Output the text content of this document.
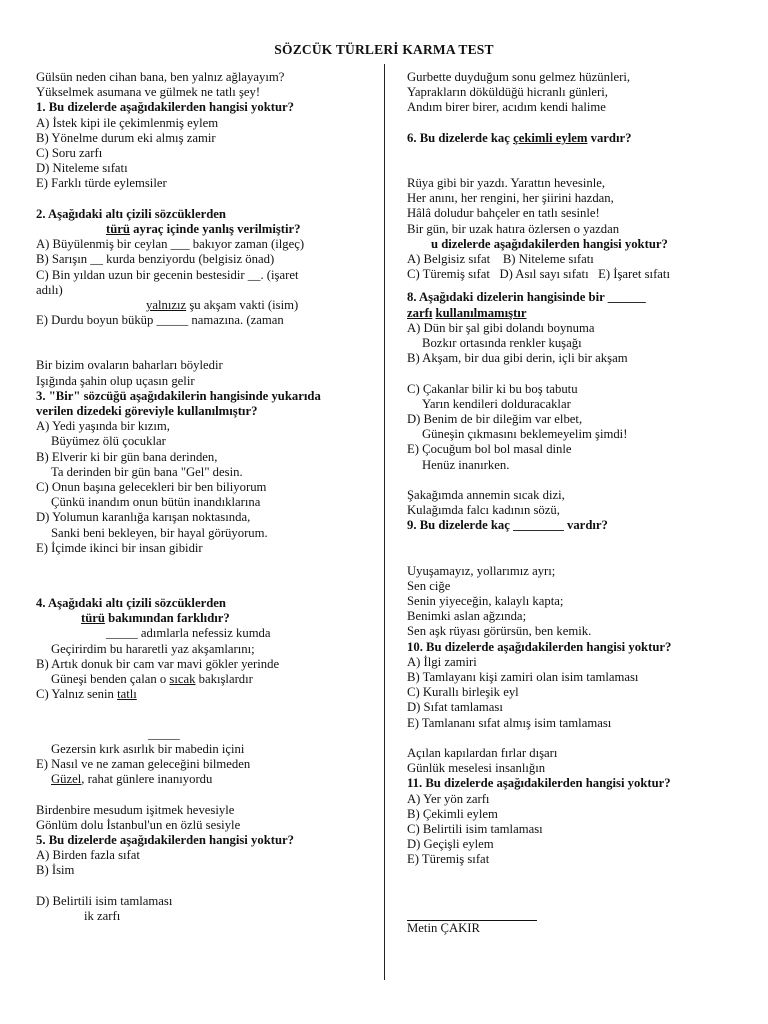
SÖZCÜK TÜRLERİ KARMA TEST
Gülsün neden cihan bana, ben yalnız ağlayayım?
Yükselmek asumana ve gülmek ne tatlı şey!
1. Bu dizelerde aşağıdakilerden hangisi yoktur?
A) İstek kipi ile çekimlenmiş eylem
B) Yönelme durum eki almış zamir
C) Soru zarfı
D) Niteleme sıfatı
E) Farklı türde eylemsiler
2. Aşağıdaki altı çizili sözcüklerden
türü ayraç içinde yanlış verilmiştir?
A) Büyülenmiş bir ceylan ___ bakıyor zaman (ilgeç)
B) Sarışın __ kurda benziyordu (belgisiz önad)
C) Bin yıldan uzun bir gecenin bestesidir __. (işaret
adılı)
yalnızız şu akşam vakti (isim)
E) Durdu boyun büküp _____ namazına. (zaman
Bir bizim ovaların baharları böyledir
Işığında şahin olup uçasın gelir
3. "Bir" sözcüğü aşağıdakilerin hangisinde yukarıda
verilen dizedeki göreviyle kullanılmıştır?
A) Yedi yaşında bir kızım,
Büyümez ölü çocuklar
B) Elverir ki bir gün bana derinden,
Ta derinden bir gün bana "Gel" desin.
C) Onun başına gelecekleri bir ben biliyorum
Çünkü inandım onun bütün inandıklarına
D) Yolumun karanlığa karışan noktasında,
Sanki beni bekleyen, bir hayal görüyorum.
E) İçimde ikinci bir insan gibidir
4. Aşağıdaki altı çizili sözcüklerden
türü bakımından farklıdır?
_____ adımlarla nefessiz kumda
Geçirirdim bu hararetli yaz akşamlarını;
B) Artık donuk bir cam var mavi gökler yerinde
Güneşi benden çalan o sıcak bakışlardır
C) Yalnız senin tatlı
_____
Gezersin kırk asırlık bir mabedin içini
E) Nasıl ve ne zaman geleceğini bilmeden
Güzel, rahat günlere inanıyordu
Birdenbire mesudum işitmek hevesiyle
Gönlüm dolu İstanbul'un en özlü sesiyle
5. Bu dizelerde aşağıdakilerden hangisi yoktur?
A) Birden fazla sıfat
B) İsim
D) Belirtili isim tamlaması
ik zarfı
Gurbette duyduğum sonu gelmez hüzünleri,
Yaprakların döküldüğü hicranlı günleri,
Andım birer birer, acıdım kendi halime
6. Bu dizelerde kaç çekimli eylem vardır?
Rüya gibi bir yazdı. Yarattın hevesinle,
Her anını, her rengini, her şiirini hazdan,
Hâlâ doludur bahçeler en tatlı sesinle!
Bir gün, bir uzak hatıra özlersen o yazdan
u dizelerde aşağıdakilerden hangisi yoktur?
A) Belgisiz sıfat    B) Niteleme sıfatı
C) Türemiş sıfat   D) Asıl sayı sıfatı   E) İşaret sıfatı
8. Aşağıdaki dizelerin hangisinde bir ______
zarfı kullanılmamıştır
A) Dün bir şal gibi dolandı boynuma
Bozkır ortasında renkler kuşağı
B) Akşam, bir dua gibi derin, içli bir akşam
C) Çakanlar bilir ki bu boş tabutu
Yarın kendileri dolduracaklar
D) Benim de bir dileğim var elbet,
Güneşin çıkmasını beklemeyelim şimdi!
E) Çocuğum bol bol masal dinle
Henüz inanırken.
Şakağımda annemin sıcak dizi,
Kulağımda falcı kadının sözü,
9. Bu dizelerde kaç ________ vardır?
Uyuşamayız, yollarımız ayrı;
Sen ciğe
Senin yiyeceğin, kalaylı kapta;
Benimki aslan ağzında;
Sen aşk rüyası görürsün, ben kemik.
10. Bu dizelerde aşağıdakilerden hangisi yoktur?
A) İlgi zamiri
B) Tamlayanı kişi zamiri olan isim tamlaması
C) Kurallı birleşik eyl
D) Sıfat tamlaması
E) Tamlananı sıfat almış isim tamlaması
Açılan kapılardan fırlar dışarı
Günlük meselesi insanlığın
11. Bu dizelerde aşağıdakilerden hangisi yoktur?
A) Yer yön zarfı
B) Çekimli eylem
C) Belirtili isim tamlaması
D) Geçişli eylem
E) Türemiş sıfat
Metin ÇAKIR
